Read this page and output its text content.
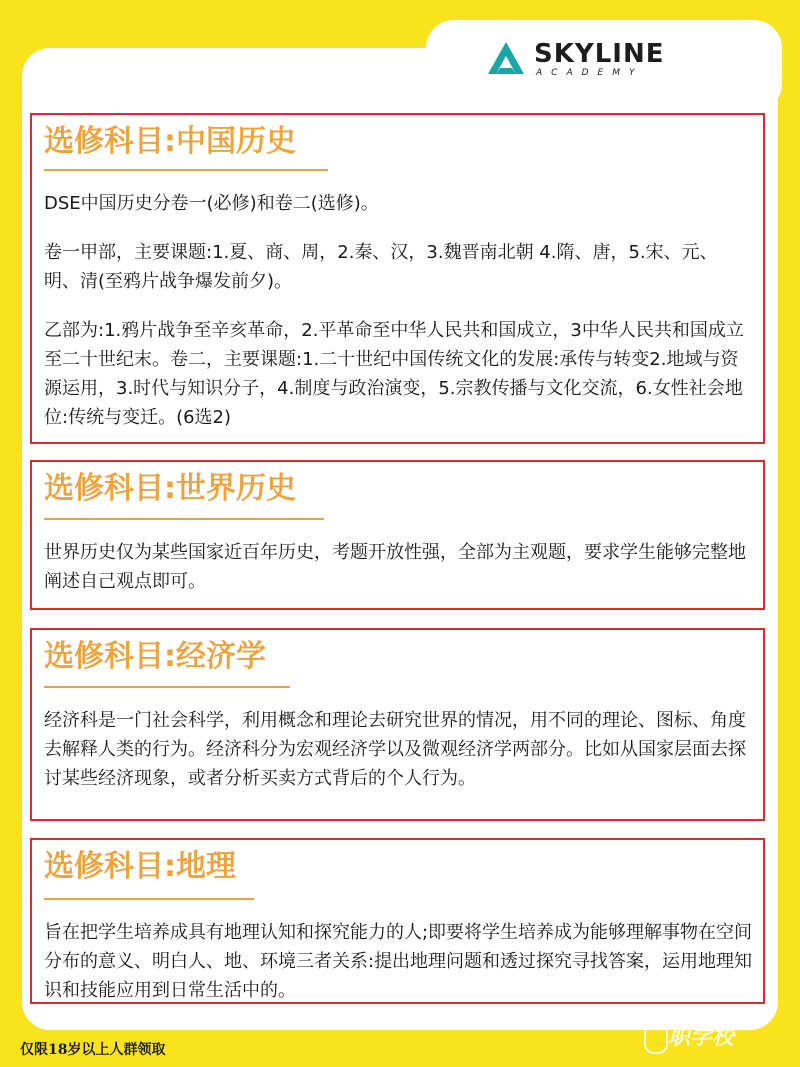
SKYLINE
ACADEMY
选修科目:中国历史

DSE中国历史分卷一(必修)和卷二(选修)。

卷一甲部，主要课题:1.夏、商、周，2.秦、汉，3.魏晋南北朝 4.隋、唐，5.宋、元、明、清(至鸦片战争爆发前夕)。

乙部为:1.鸦片战争至辛亥革命，2.平革命至中华人民共和国成立，3中华人民共和国成立至二十世纪末。卷二，主要课题:1.二十世纪中国传统文化的发展:承传与转变2.地域与资源运用，3.时代与知识分子，4.制度与政治演变，5.宗教传播与文化交流，6.女性社会地位:传统与变迁。(6选2)

选修科目:世界历史

世界历史仅为某些国家近百年历史，考题开放性强，全部为主观题，要求学生能够完整地阐述自己观点即可。

选修科目:经济学

经济科是一门社会科学，利用概念和理论去研究世界的情况，用不同的理论、图标、角度去解释人类的行为。经济科分为宏观经济学以及微观经济学两部分。比如从国家层面去探讨某些经济现象，或者分析买卖方式背后的个人行为。

选修科目:地理

旨在把学生培养成具有地理认知和探究能力的人;即要将学生培养成为能够理解事物在空间分布的意义、明白人、地、环境三者关系:提出地理问题和透过探究寻找答案，运用地理知识和技能应用到日常生活中的。

仅限18岁以上人群领取	职学校
